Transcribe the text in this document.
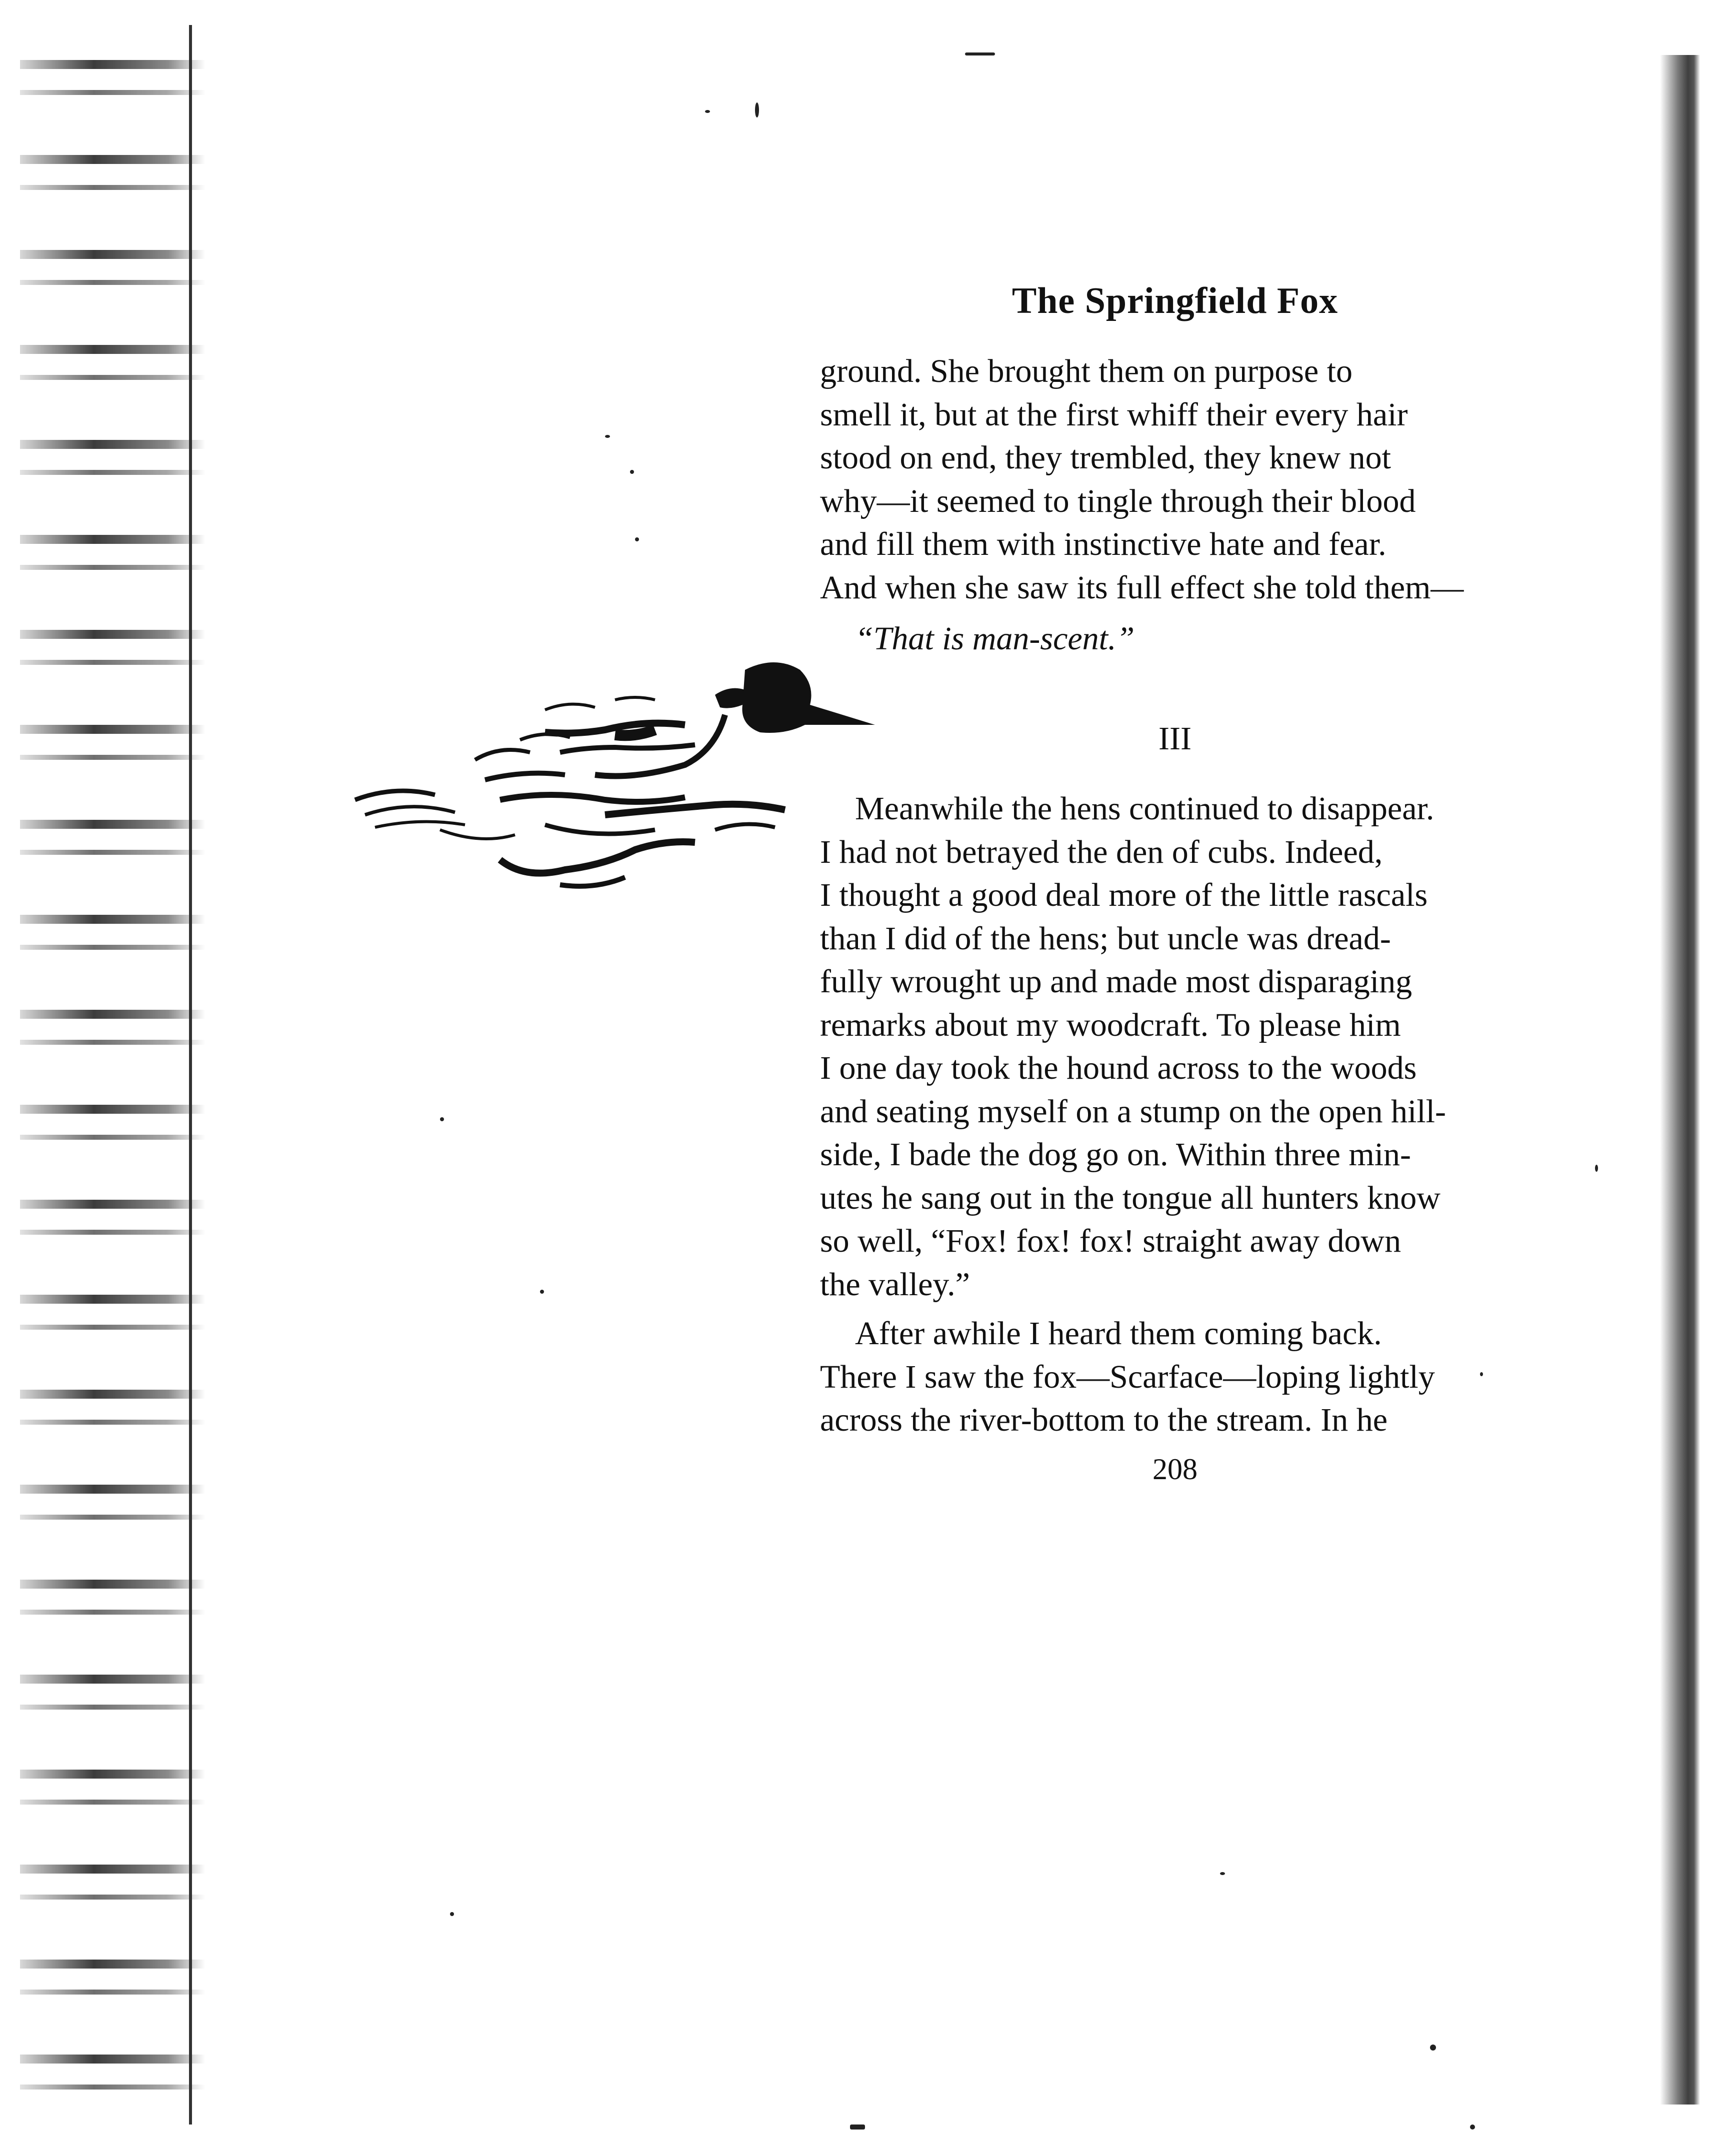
The Springfield Fox

ground. She brought them on purpose to

smell it, but at the first whiff their every hair

stood on end, they trembled, they knew not

why—it seemed to tingle through their blood

and fill them with instinctive hate and fear.

And when she saw its full effect she told them—

“That is man-scent.”
III

Meanwhile the hens continued to disappear.

I had not betrayed the den of cubs. Indeed,

I thought a good deal more of the little rascals

than I did of the hens; but uncle was dread-

fully wrought up and made most disparaging

remarks about my woodcraft. To please him

I one day took the hound across to the woods

and seating myself on a stump on the open hill-

side, I bade the dog go on. Within three min-

utes he sang out in the tongue all hunters know

so well, “Fox! fox! fox! straight away down

the valley.”

After awhile I heard them coming back.

There I saw the fox—Scarface—loping lightly

across the river-bottom to the stream. In he

208
